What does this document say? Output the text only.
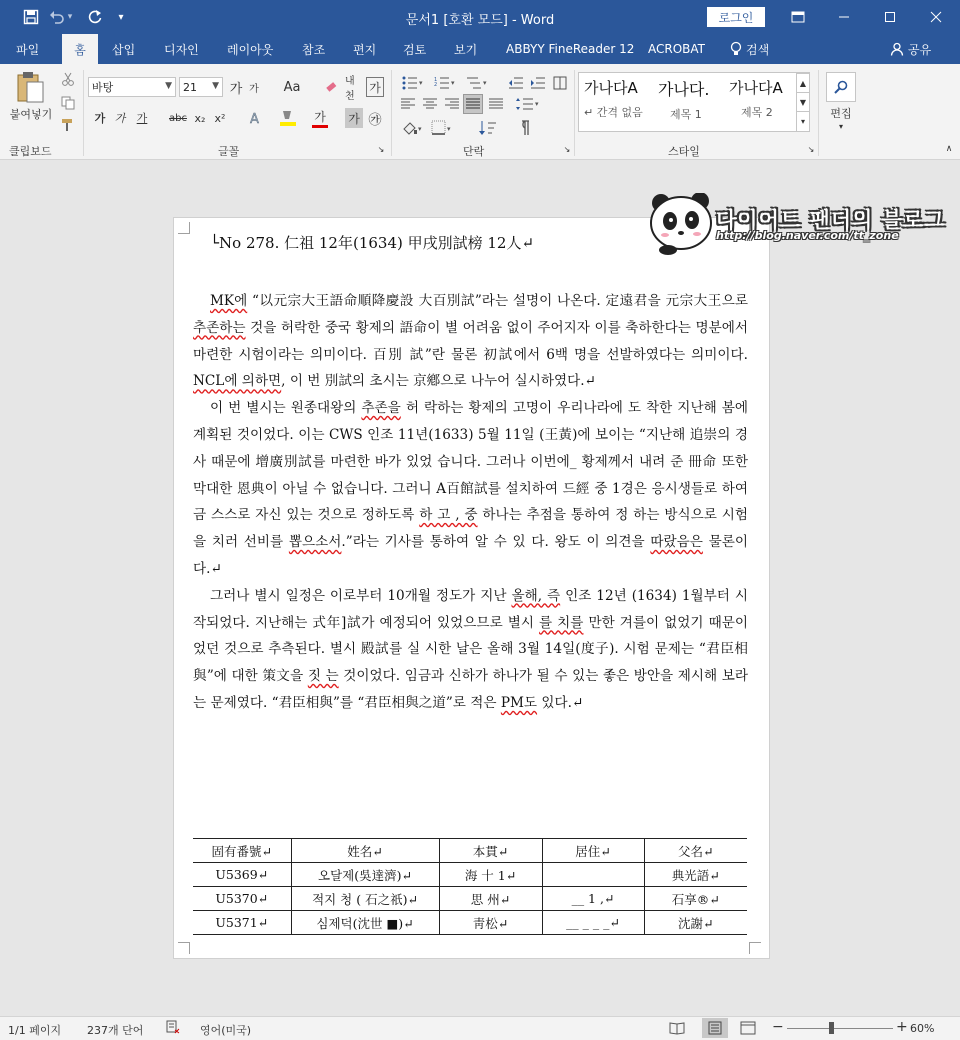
▾	▾	문서1 [호환 모드] - Word	로그인
파일	홈	삽입	디자인	레이아웃	참조	편지	검토	보기	ABBYY FineReader 12	ACROBAT	검색	공유
붙여넣기
클립보드
바탕	▼ 21 ▼ 가 가 Aa	내천
가
가 가 가 abc x₂ x² A	가 가 ㉮
글꼴	↘
▾ 1
2 ▾	▾
▾
▾	▾
단락	↘
가나다A
↵ 간격 없음
가나다.
제목 1
가나다A
제목 2
▲
▼
▾
스타일	↘
편집
▾
∧
└No 278. 仁祖 12年(1634) 甲戌別試榜 12人↵

MK에 “以元宗大王語命順降慶設 大百別試”라는 설명이 나온다. 定遠君을 元宗大王으로 추존하는 것을 허락한 중국 황제의 語命이 별 어려움 없이 주어지자 이를 축하한다는 명분에서 마련한 시험이라는 의미이다. 百別 試”란 물론 初試에서 6백 명을 선발하였다는 의미이다. NCL에 의하면, 이 번 別試의 초시는 京鄕으로 나누어 실시하였다.↵

이 번 별시는 원종대왕의 추존을 허 락하는 황제의 고명이 우리나라에 도 착한 지난해 봄에 계획된 것이었다. 이는 CWS 인조 11년(1633) 5월 11일 (王黃)에 보이는 “지난해 追崇의 경사 때문에 增廣別試를 마련한 바가 있었 습니다. 그러나 이번에_ 황제께서 내려 준 冊命 또한 막대한 恩典이 아닐 수 없습니다. 그러니 A百館試를 설치하여 드經 중 1경은 응시생들로 하여금 스스로 자신 있는 것으로 정하도록 하 고 , 중 하나는 추점을 통하여 정 하는 방식으로 시험을 치러 선비를 뽑으소서.”라는 기사를 통하여 알 수 있 다. 왕도 이 의견을 따랐음은 물론이다.↵

그러나 별시 일정은 이로부터 10개월 정도가 지난 올해, 즉 인조 12년 (1634) 1월부터 시작되었다. 지난해는 式年]試가 예정되어 있었으므로 별시 를 치를 만한 겨를이 없었기 때문이었던 것으로 추측된다. 별시 殿試를 실 시한 날은 올해 3월 14일(度子). 시험 문제는 “君臣相與”에 대한 策文을 짓 는 것이었다. 임금과 신하가 하나가 될 수 있는 좋은 방안을 제시해 보라는 문제였다. “君臣相與”를 “君臣相與之道”로 적은 PM도 있다.↵

固有番號↵	姓名↵	本貫↵	居住↵	父名↵
U5369↵	오달제(吳達濟)↵	海 十 1↵		典光語↵
U5370↵	적지 청 ( 石之祇)↵	思 州↵	__ 1 ,↵	石享®↵
U5371↵	심제덕(沈世 ■)↵	靑松↵	__ _ _ _↵	沈謝↵
다이어트 팬더의 블로그
http://blog.naver.com/tt_zone
1/1 페이지 237개 단어	영어(미국)	−	+ 60%
